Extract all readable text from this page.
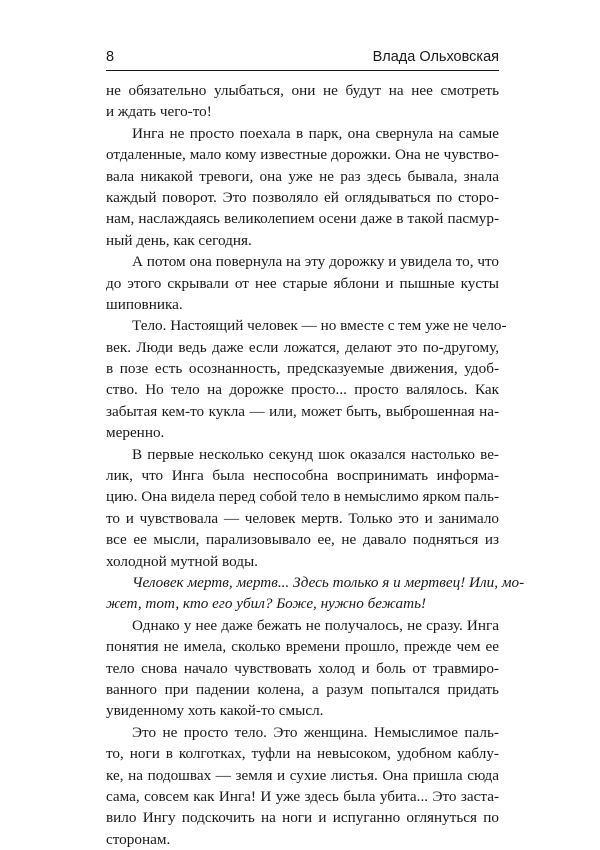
8	Влада Ольховская
не обязательно улыбаться, они не будут на нее смотреть
и ждать чего-то!
Инга не просто поехала в парк, она свернула на самые
отдаленные, мало кому известные дорожки. Она не чувство-
вала никакой тревоги, она уже не раз здесь бывала, знала
каждый поворот. Это позволяло ей оглядываться по сторо-
нам, наслаждаясь великолепием осени даже в такой пасмур-
ный день, как сегодня.
А потом она повернула на эту дорожку и увидела то, что
до этого скрывали от нее старые яблони и пышные кусты
шиповника.
Тело. Настоящий человек — но вместе с тем уже не чело-
век. Люди ведь даже если ложатся, делают это по-другому,
в позе есть осознанность, предсказуемые движения, удоб-
ство. Но тело на дорожке просто... просто валялось. Как
забытая кем-то кукла — или, может быть, выброшенная на-
меренно.
В первые несколько секунд шок оказался настолько ве-
лик, что Инга была неспособна воспринимать информа-
цию. Она видела перед собой тело в немыслимо ярком паль-
то и чувствовала — человек мертв. Только это и занимало
все ее мысли, парализовывало ее, не давало подняться из
холодной мутной воды.
Человек мертв, мертв... Здесь только я и мертвец! Или, мо-
жет, тот, кто его убил? Боже, нужно бежать!
Однако у нее даже бежать не получалось, не сразу. Инга
понятия не имела, сколько времени прошло, прежде чем ее
тело снова начало чувствовать холод и боль от травмиро-
ванного при падении колена, а разум попытался придать
увиденному хоть какой-то смысл.
Это не просто тело. Это женщина. Немыслимое паль-
то, ноги в колготках, туфли на невысоком, удобном каблу-
ке, на подошвах — земля и сухие листья. Она пришла сюда
сама, совсем как Инга! И уже здесь была убита... Это заста-
вило Ингу подскочить на ноги и испуганно оглянуться по
сторонам.
